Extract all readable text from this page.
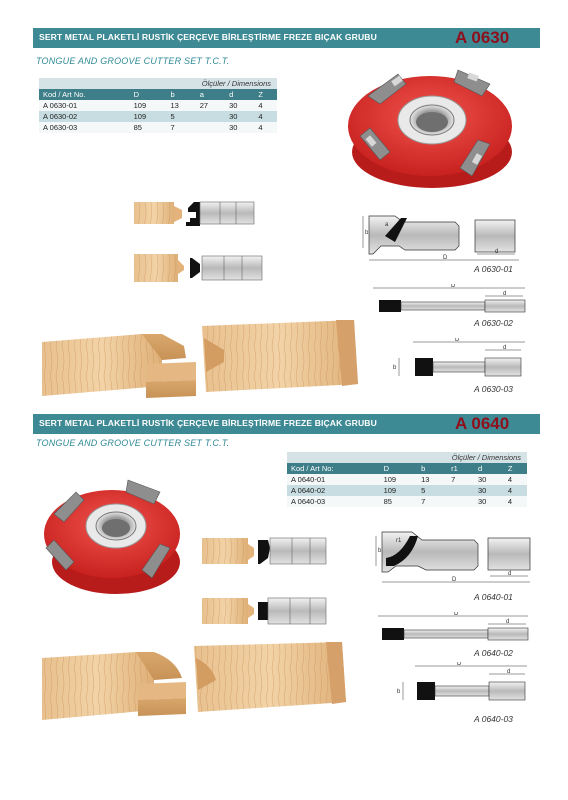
SERT METAL PLAKETLİ RUSTİK ÇERÇEVE BİRLEŞTİRME FREZE BIÇAK GRUBU	A 0630
TONGUE AND GROOVE CUTTER SET T.C.T.
Ölçüler / Dimensions					
Kod / Art No.	D	b	a	d	Z
A 0630-01	109	13	27	30	4
A 0630-02	109	5		30	4
A 0630-03	85	7		30	4
b
a
D
d
A 0630-01
D
d
A 0630-02
D
d
b
A 0630-03
SERT METAL PLAKETLİ RUSTİK ÇERÇEVE BİRLEŞTİRME FREZE BIÇAK GRUBU	A 0640
TONGUE AND GROOVE CUTTER SET T.C.T.
Ölçüler / Dimensions					
Kod / Art No:	D	b	r1	d	Z
A 0640-01	109	13	7	30	4
A 0640-02	109	5		30	4
A 0640-03	85	7		30	4
b
r1
D
d
A 0640-01
D
d
A 0640-02
D
d
b
A 0640-03
